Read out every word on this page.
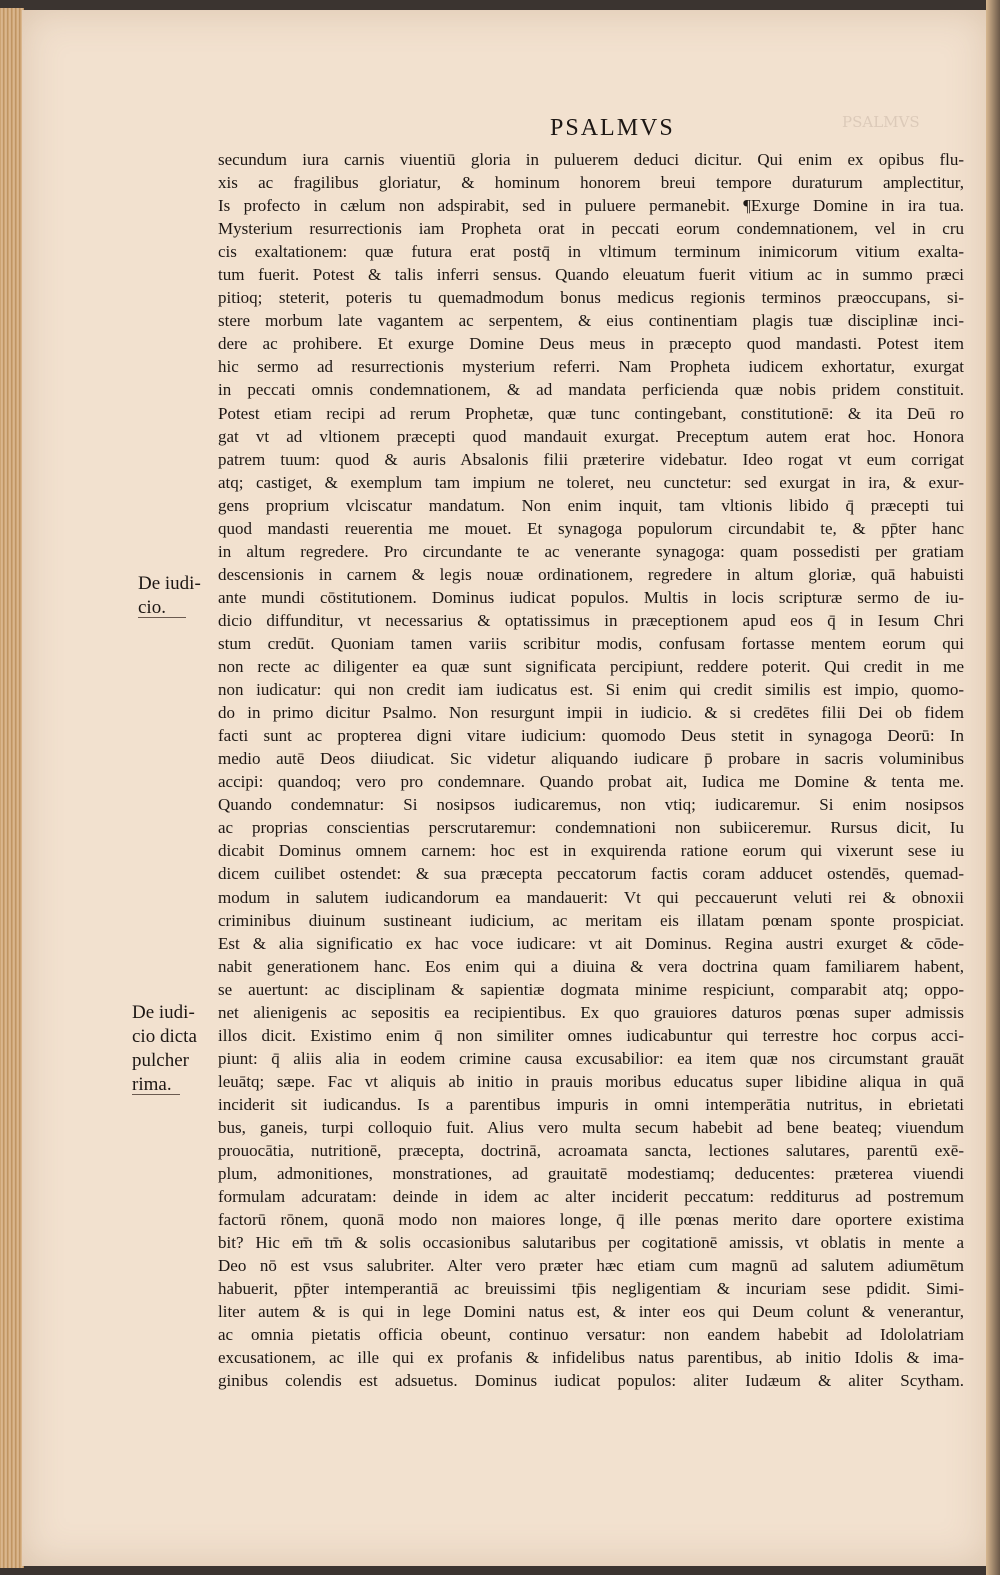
PSALMVS
PSALMVS
secundum iura carnis viuentiū gloria in puluerem deduci dicitur. Qui enim ex opibus flu-
xis ac fragilibus gloriatur, & hominum honorem breui tempore duraturum amplectitur,
Is profecto in cælum non adspirabit, sed in puluere permanebit. ¶Exurge Domine in ira tua.
Mysterium resurrectionis iam Propheta orat in peccati eorum condemnationem, vel in cru
cis exaltationem: quæ futura erat postq̄ in vltimum terminum inimicorum vitium exalta-
tum fuerit. Potest & talis inferri sensus. Quando eleuatum fuerit vitium ac in summo præci
pitioq; steterit, poteris tu quemadmodum bonus medicus regionis terminos præoccupans, si-
stere morbum late vagantem ac serpentem, & eius continentiam plagis tuæ disciplinæ inci-
dere ac prohibere. Et exurge Domine Deus meus in præcepto quod mandasti. Potest item
hic sermo ad resurrectionis mysterium referri. Nam Propheta iudicem exhortatur, exurgat
in peccati omnis condemnationem, & ad mandata perficienda quæ nobis pridem constituit.
Potest etiam recipi ad rerum Prophetæ, quæ tunc contingebant, constitutionē: & ita Deū ro
gat vt ad vltionem præcepti quod mandauit exurgat. Preceptum autem erat hoc. Honora
patrem tuum: quod & auris Absalonis filii præterire videbatur. Ideo rogat vt eum corrigat
atq; castiget, & exemplum tam impium ne toleret, neu cunctetur: sed exurgat in ira, & exur-
gens proprium vlciscatur mandatum. Non enim inquit, tam vltionis libido q̄ præcepti tui
quod mandasti reuerentia me mouet. Et synagoga populorum circundabit te, & pp̄ter hanc
in altum regredere. Pro circundante te ac venerante synagoga: quam possedisti per gratiam
descensionis in carnem & legis nouæ ordinationem, regredere in altum gloriæ, quā habuisti
ante mundi cōstitutionem. Dominus iudicat populos. Multis in locis scripturæ sermo de iu-
dicio diffunditur, vt necessarius & optatissimus in præceptionem apud eos q̄ in Iesum Chri
stum credūt. Quoniam tamen variis scribitur modis, confusam fortasse mentem eorum qui
non recte ac diligenter ea quæ sunt significata percipiunt, reddere poterit. Qui credit in me
non iudicatur: qui non credit iam iudicatus est. Si enim qui credit similis est impio, quomo-
do in primo dicitur Psalmo. Non resurgunt impii in iudicio. & si credētes filii Dei ob fidem
facti sunt ac propterea digni vitare iudicium: quomodo Deus stetit in synagoga Deorū: In
medio autē Deos diiudicat. Sic videtur aliquando iudicare p̄ probare in sacris voluminibus
accipi: quandoq; vero pro condemnare. Quando probat ait, Iudica me Domine & tenta me.
Quando condemnatur: Si nosipsos iudicaremus, non vtiq; iudicaremur. Si enim nosipsos
ac proprias conscientias perscrutaremur: condemnationi non subiiceremur. Rursus dicit, Iu
dicabit Dominus omnem carnem: hoc est in exquirenda ratione eorum qui vixerunt sese iu
dicem cuilibet ostendet: & sua præcepta peccatorum factis coram adducet ostendēs, quemad-
modum in salutem iudicandorum ea mandauerit: Vt qui peccauerunt veluti rei & obnoxii
criminibus diuinum sustineant iudicium, ac meritam eis illatam pœnam sponte prospiciat.
Est & alia significatio ex hac voce iudicare: vt ait Dominus. Regina austri exurget & cōde-
nabit generationem hanc. Eos enim qui a diuina & vera doctrina quam familiarem habent,
se auertunt: ac disciplinam & sapientiæ dogmata minime respiciunt, comparabit atq; oppo-
net alienigenis ac sepositis ea recipientibus. Ex quo grauiores daturos pœnas super admissis
illos dicit. Existimo enim q̄ non similiter omnes iudicabuntur qui terrestre hoc corpus acci-
piunt: q̄ aliis alia in eodem crimine causa excusabilior: ea item quæ nos circumstant grauāt
leuātq; sæpe. Fac vt aliquis ab initio in prauis moribus educatus super libidine aliqua in quā
inciderit sit iudicandus. Is a parentibus impuris in omni intemperātia nutritus, in ebrietati
bus, ganeis, turpi colloquio fuit. Alius vero multa secum habebit ad bene beateq; viuendum
prouocātia, nutritionē, præcepta, doctrinā, acroamata sancta, lectiones salutares, parentū exē-
plum, admonitiones, monstrationes, ad grauitatē modestiamq; deducentes: præterea viuendi
formulam adcuratam: deinde in idem ac alter inciderit peccatum: redditurus ad postremum
factorū rōnem, quonā modo non maiores longe, q̄ ille pœnas merito dare oportere existima
bit? Hic em̄ tm̄ & solis occasionibus salutaribus per cogitationē amissis, vt oblatis in mente a
Deo nō est vsus salubriter. Alter vero præter hæc etiam cum magnū ad salutem adiumētum
habuerit, pp̄ter intemperantiā ac breuissimi tp̄is negligentiam & incuriam sese pdidit. Simi-
liter autem & is qui in lege Domini natus est, & inter eos qui Deum colunt & venerantur,
ac omnia pietatis officia obeunt, continuo versatur: non eandem habebit ad Idololatriam
excusationem, ac ille qui ex profanis & infidelibus natus parentibus, ab initio Idolis & ima-
ginibus colendis est adsuetus. Dominus iudicat populos: aliter Iudæum & aliter Scytham.
De iudi-
cio.
De iudi-
cio dicta
pulcher
rima.
